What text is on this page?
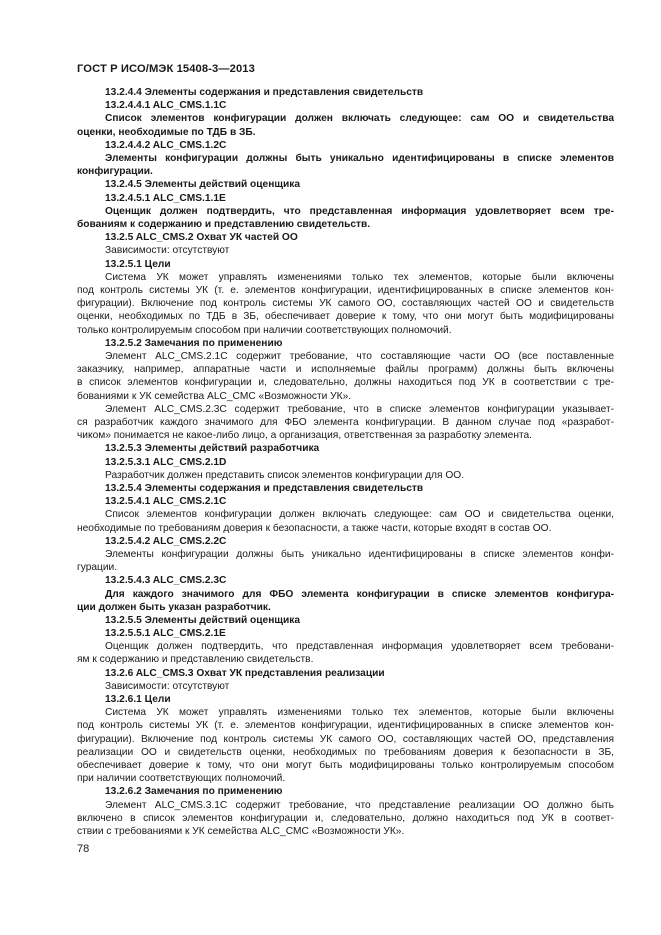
ГОСТ Р ИСО/МЭК 15408-3—2013
13.2.4.4 Элементы содержания и представления свидетельств
13.2.4.4.1 ALC_CMS.1.1C
Список элементов конфигурации должен включать следующее: сам ОО и свидетельства
оценки, необходимые по ТДБ в ЗБ.
13.2.4.4.2 ALC_CMS.1.2C
Элементы конфигурации должны быть уникально идентифицированы в списке элементов
конфигурации.
13.2.4.5 Элементы действий оценщика
13.2.4.5.1 ALC_CMS.1.1E
Оценщик должен подтвердить, что представленная информация удовлетворяет всем тре-
бованиям к содержанию и представлению свидетельств.
13.2.5 ALC_CMS.2 Охват УК частей ОО
Зависимости: отсутствуют
13.2.5.1 Цели
Система УК может управлять изменениями только тех элементов, которые были включены
под контроль системы УК (т. е. элементов конфигурации, идентифицированных в списке элементов кон-
фигурации). Включение под контроль системы УК самого ОО, составляющих частей ОО и свидетельств
оценки, необходимых по ТДБ в ЗБ, обеспечивает доверие к тому, что они могут быть модифицированы
только контролируемым способом при наличии соответствующих полномочий.
13.2.5.2 Замечания по применению
Элемент ALC_CMS.2.1C содержит требование, что составляющие части ОО (все поставленные
заказчику, например, аппаратные части и исполняемые файлы программ) должны быть включены
в список элементов конфигурации и, следовательно, должны находиться под УК в соответствии с тре-
бованиями к УК семейства ALC_CMC «Возможности УК».
Элемент ALC_CMS.2.3C содержит требование, что в списке элементов конфигурации указывает-
ся разработчик каждого значимого для ФБО элемента конфигурации. В данном случае под «разработ-
чиком» понимается не какое-либо лицо, а организация, ответственная за разработку элемента.
13.2.5.3 Элементы действий разработчика
13.2.5.3.1 ALC_CMS.2.1D
Разработчик должен представить список элементов конфигурации для ОО.
13.2.5.4 Элементы содержания и представления свидетельств
13.2.5.4.1 ALC_CMS.2.1C
Список элементов конфигурации должен включать следующее: сам ОО и свидетельства оценки,
необходимые по требованиям доверия к безопасности, а также части, которые входят в состав ОО.
13.2.5.4.2 ALC_CMS.2.2C
Элементы конфигурации должны быть уникально идентифицированы в списке элементов конфи-
гурации.
13.2.5.4.3 ALC_CMS.2.3C
Для каждого значимого для ФБО элемента конфигурации в списке элементов конфигура-
ции должен быть указан разработчик.
13.2.5.5 Элементы действий оценщика
13.2.5.5.1 ALC_CMS.2.1E
Оценщик должен подтвердить, что представленная информация удовлетворяет всем требовани-
ям к содержанию и представлению свидетельств.
13.2.6 ALC_CMS.3 Охват УК представления реализации
Зависимости: отсутствуют
13.2.6.1 Цели
Система УК может управлять изменениями только тех элементов, которые были включены
под контроль системы УК (т. е. элементов конфигурации, идентифицированных в списке элементов кон-
фигурации). Включение под контроль системы УК самого ОО, составляющих частей ОО, представления
реализации ОО и свидетельств оценки, необходимых по требованиям доверия к безопасности в ЗБ,
обеспечивает доверие к тому, что они могут быть модифицированы только контролируемым способом
при наличии соответствующих полномочий.
13.2.6.2 Замечания по применению
Элемент ALC_CMS.3.1C содержит требование, что представление реализации ОО должно быть
включено в список элементов конфигурации и, следовательно, должно находиться под УК в соответ-
ствии с требованиями к УК семейства ALC_CMC «Возможности УК».
78
